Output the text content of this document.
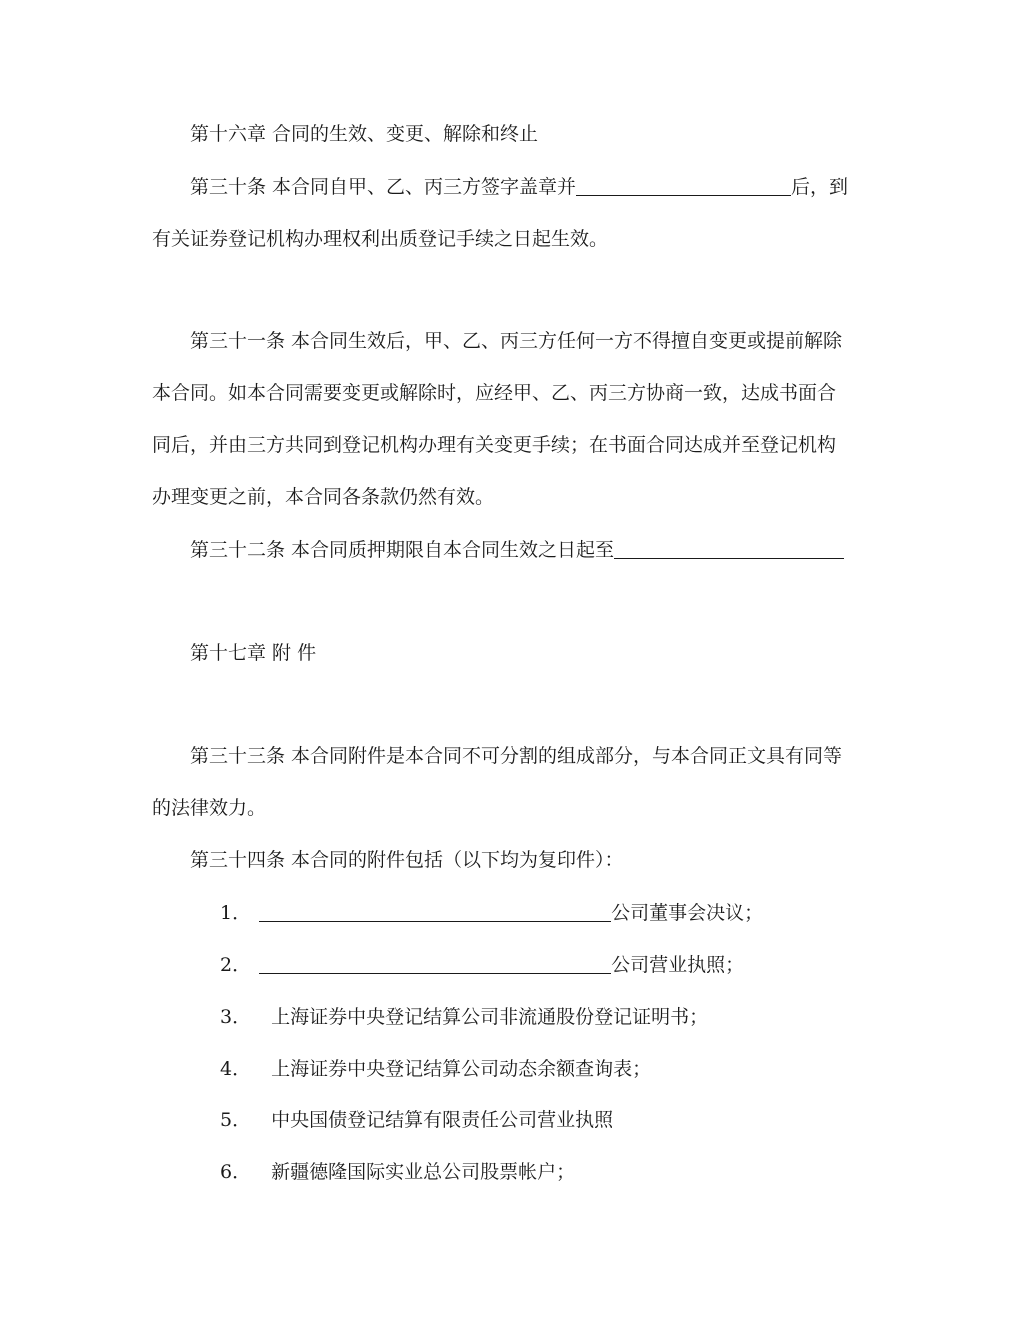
第十六章 合同的生效、变更、解除和终止
第三十条 本合同自甲、乙、丙三方签字盖章并	后，到
有关证券登记机构办理权利出质登记手续之日起生效。
第三十一条 本合同生效后，甲、乙、丙三方任何一方不得擅自变更或提前解除
本合同。如本合同需要变更或解除时，应经甲、乙、丙三方协商一致，达成书面合
同后，并由三方共同到登记机构办理有关变更手续；在书面合同达成并至登记机构
办理变更之前，本合同各条款仍然有效。
第三十二条 本合同质押期限自本合同生效之日起至
第十七章 附 件
第三十三条 本合同附件是本合同不可分割的组成部分，与本合同正文具有同等
的法律效力。
第三十四条 本合同的附件包括（以下均为复印件）：
1．	公司董事会决议；
2．	公司营业执照；
3． 上海证券中央登记结算公司非流通股份登记证明书；
4． 上海证券中央登记结算公司动态余额查询表；
5． 中央国债登记结算有限责任公司营业执照
6． 新疆德隆国际实业总公司股票帐户；
